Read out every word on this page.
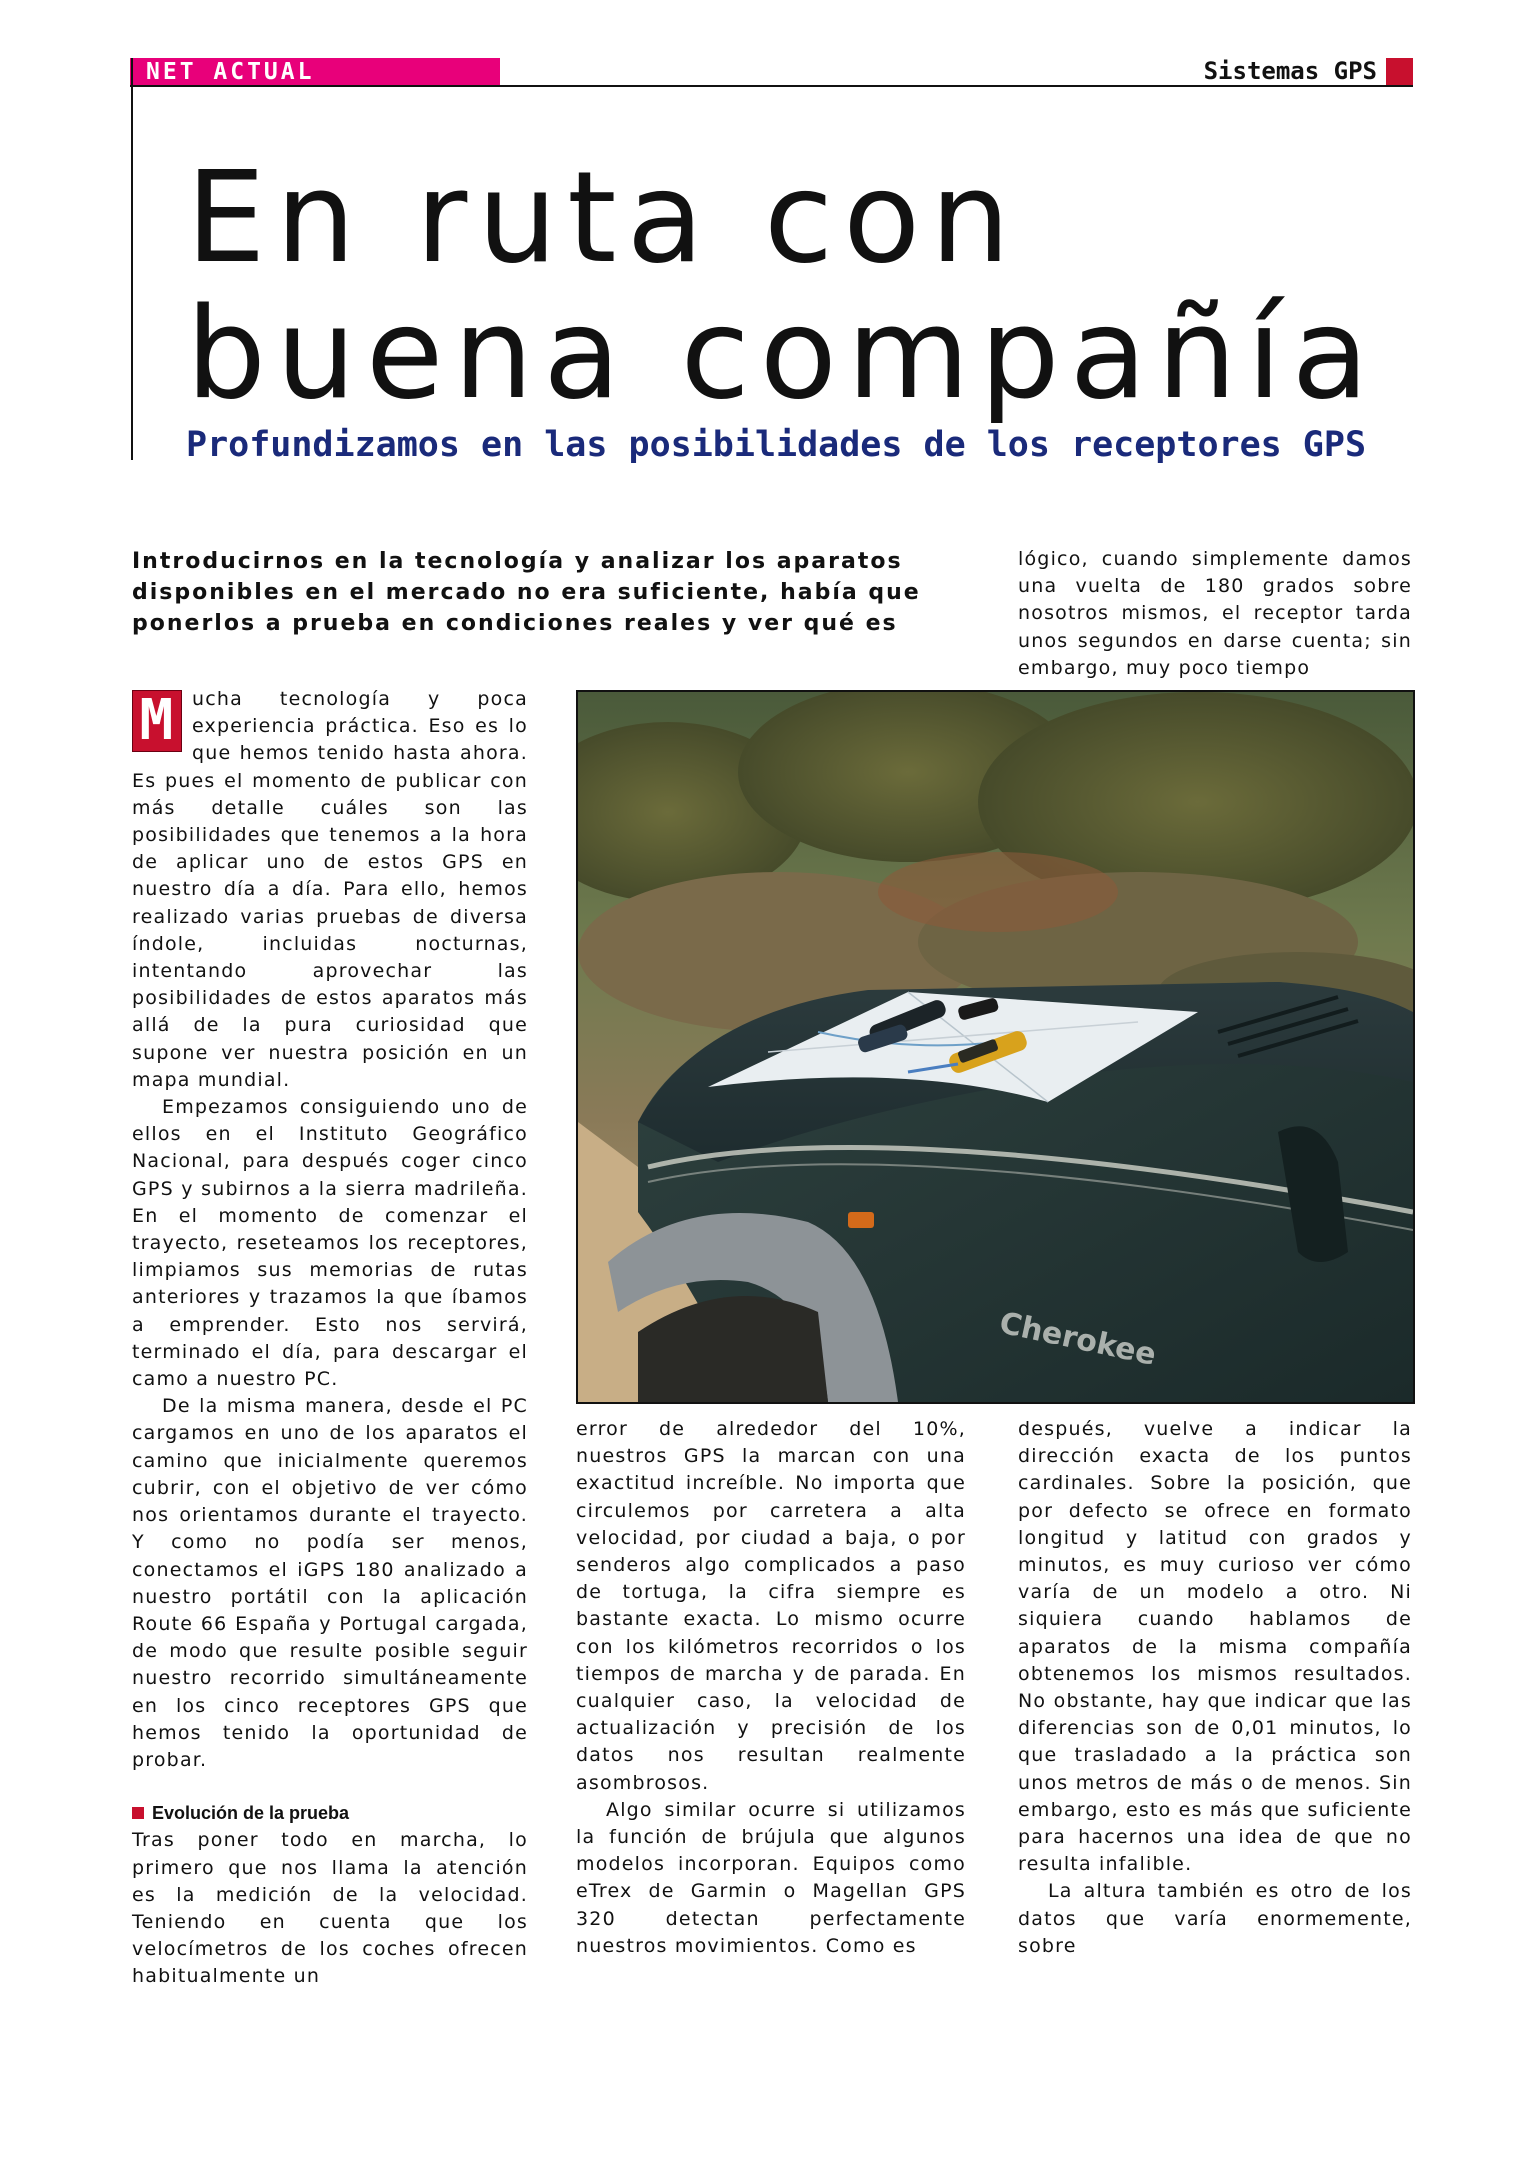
NET ACTUAL	Sistemas GPS
En ruta con
buena compañía
Profundizamos en las posibilidades de los receptores GPS

Introducirnos en la tecnología y analizar los aparatos disponibles en el mercado no era suficiente, había que ponerlos a prueba en condiciones reales y ver qué es

lógico, cuando simplemente damos una vuelta de 180 grados sobre nosotros mismos, el receptor tarda unos segundos en darse cuenta; sin embargo, muy poco tiempo

Cherokee
M ucha tecnología y poca experiencia práctica. Eso es lo que hemos tenido hasta ahora. Es pues el momento de publicar con más detalle cuáles son las posibilidades que tenemos a la hora de aplicar uno de estos GPS en nuestro día a día. Para ello, hemos realizado varias pruebas de diversa índole, incluidas nocturnas, intentando aprovechar las posibilidades de estos aparatos más allá de la pura curiosidad que supone ver nuestra posición en un mapa mundial.

Empezamos consiguiendo uno de ellos en el Instituto Geográfico Nacional, para después coger cinco GPS y subirnos a la sierra madrileña. En el momento de comenzar el trayecto, reseteamos los receptores, limpiamos sus memorias de rutas anteriores y trazamos la que íbamos a emprender. Esto nos servirá, terminado el día, para descargar el camo a nuestro PC.

De la misma manera, desde el PC cargamos en uno de los aparatos el camino que inicialmente queremos cubrir, con el objetivo de ver cómo nos orientamos durante el trayecto. Y como no podía ser menos, conectamos el iGPS 180 analizado a nuestro portátil con la aplicación Route 66 España y Portugal cargada, de modo que resulte posible seguir nuestro recorrido simultáneamente en los cinco receptores GPS que hemos tenido la oportunidad de probar.

Evolución de la prueba

Tras poner todo en marcha, lo primero que nos llama la atención es la medición de la velocidad. Teniendo en cuenta que los velocímetros de los coches ofrecen habitualmente un

error de alrededor del 10%, nuestros GPS la marcan con una exactitud increíble. No importa que circulemos por carretera a alta velocidad, por ciudad a baja, o por senderos algo complicados a paso de tortuga, la cifra siempre es bastante exacta. Lo mismo ocurre con los kilómetros recorridos o los tiempos de marcha y de parada. En cualquier caso, la velocidad de actualización y precisión de los datos nos resultan realmente asombrosos.

Algo similar ocurre si utilizamos la función de brújula que algunos modelos incorporan. Equipos como eTrex de Garmin o Magellan GPS 320 detectan perfectamente nuestros movimientos. Como es

después, vuelve a indicar la dirección exacta de los puntos cardinales. Sobre la posición, que por defecto se ofrece en formato longitud y latitud con grados y minutos, es muy curioso ver cómo varía de un modelo a otro. Ni siquiera cuando hablamos de aparatos de la misma compañía obtenemos los mismos resultados. No obstante, hay que indicar que las diferencias son de 0,01 minutos, lo que trasladado a la práctica son unos metros de más o de menos. Sin embargo, esto es más que suficiente para hacernos una idea de que no resulta infalible.

La altura también es otro de los datos que varía enormemente, sobre
